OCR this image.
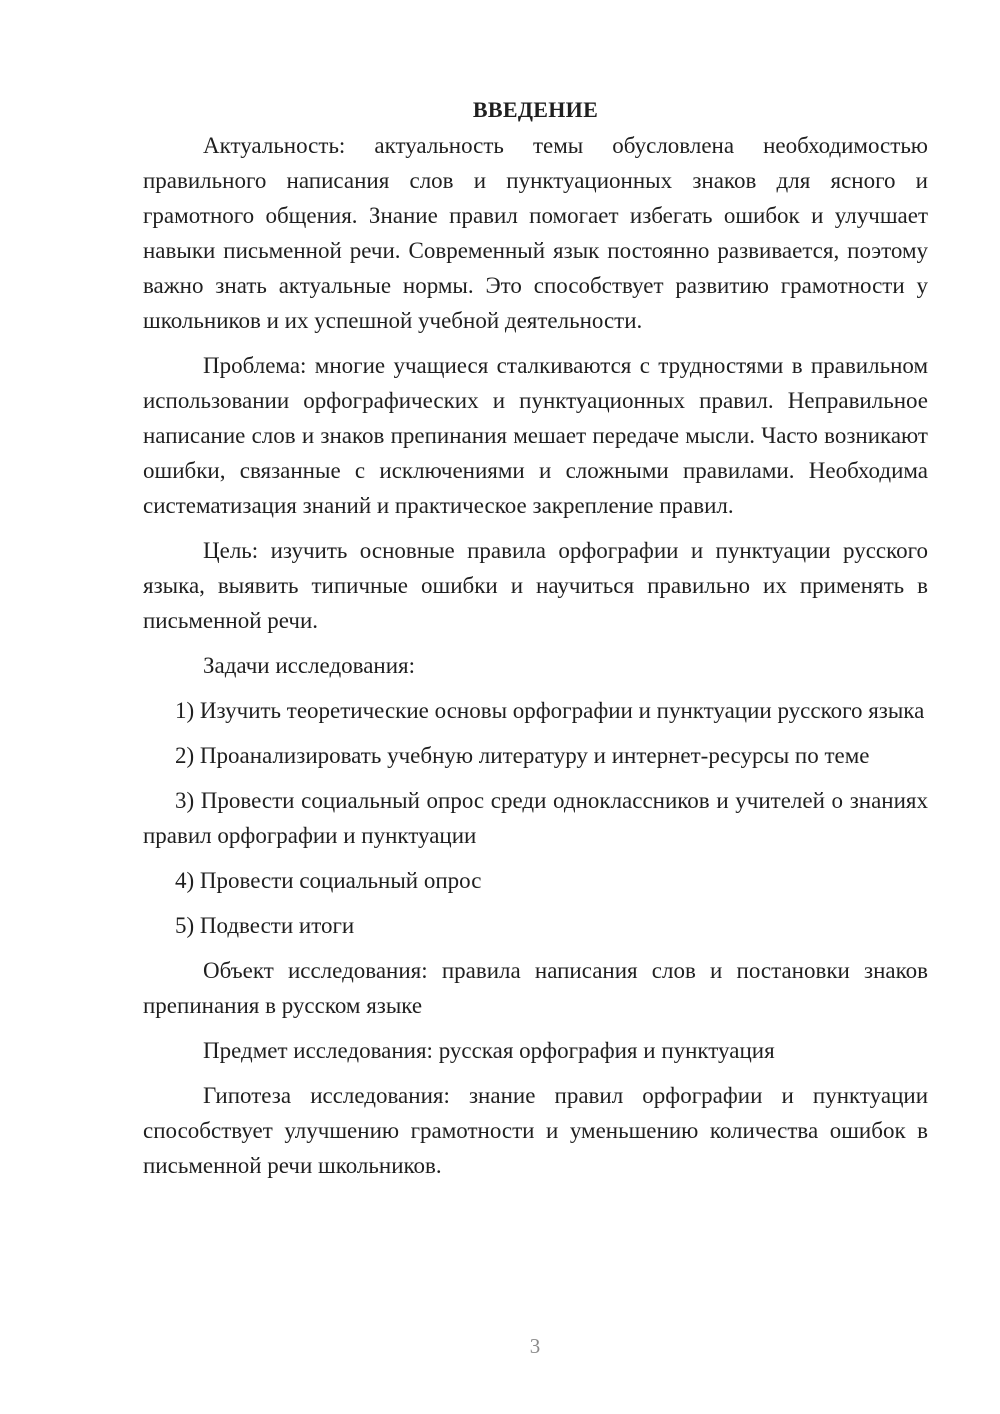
ВВЕДЕНИЕ

Актуальность: актуальность темы обусловлена необходимостью правильного написания слов и пунктуационных знаков для ясного и грамотного общения. Знание правил помогает избегать ошибок и улучшает навыки письменной речи. Современный язык постоянно развивается, поэтому важно знать актуальные нормы. Это способствует развитию грамотности у школьников и их успешной учебной деятельности.

Проблема: многие учащиеся сталкиваются с трудностями в правильном использовании орфографических и пунктуационных правил. Неправильное написание слов и знаков препинания мешает передаче мысли. Часто возникают ошибки, связанные с исключениями и сложными правилами. Необходима систематизация знаний и практическое закрепление правил.

Цель: изучить основные правила орфографии и пунктуации русского языка, выявить типичные ошибки и научиться правильно их применять в письменной речи.

Задачи исследования:

1) Изучить теоретические основы орфографии и пунктуации русского языка

2) Проанализировать учебную литературу и интернет-ресурсы по теме

3) Провести социальный опрос среди одноклассников и учителей о знаниях правил орфографии и пунктуации

4) Провести социальный опрос

5) Подвести итоги

Объект исследования: правила написания слов и постановки знаков препинания в русском языке

Предмет исследования: русская орфография и пунктуация

Гипотеза исследования: знание правил орфографии и пунктуации способствует улучшению грамотности и уменьшению количества ошибок в письменной речи школьников.

3
